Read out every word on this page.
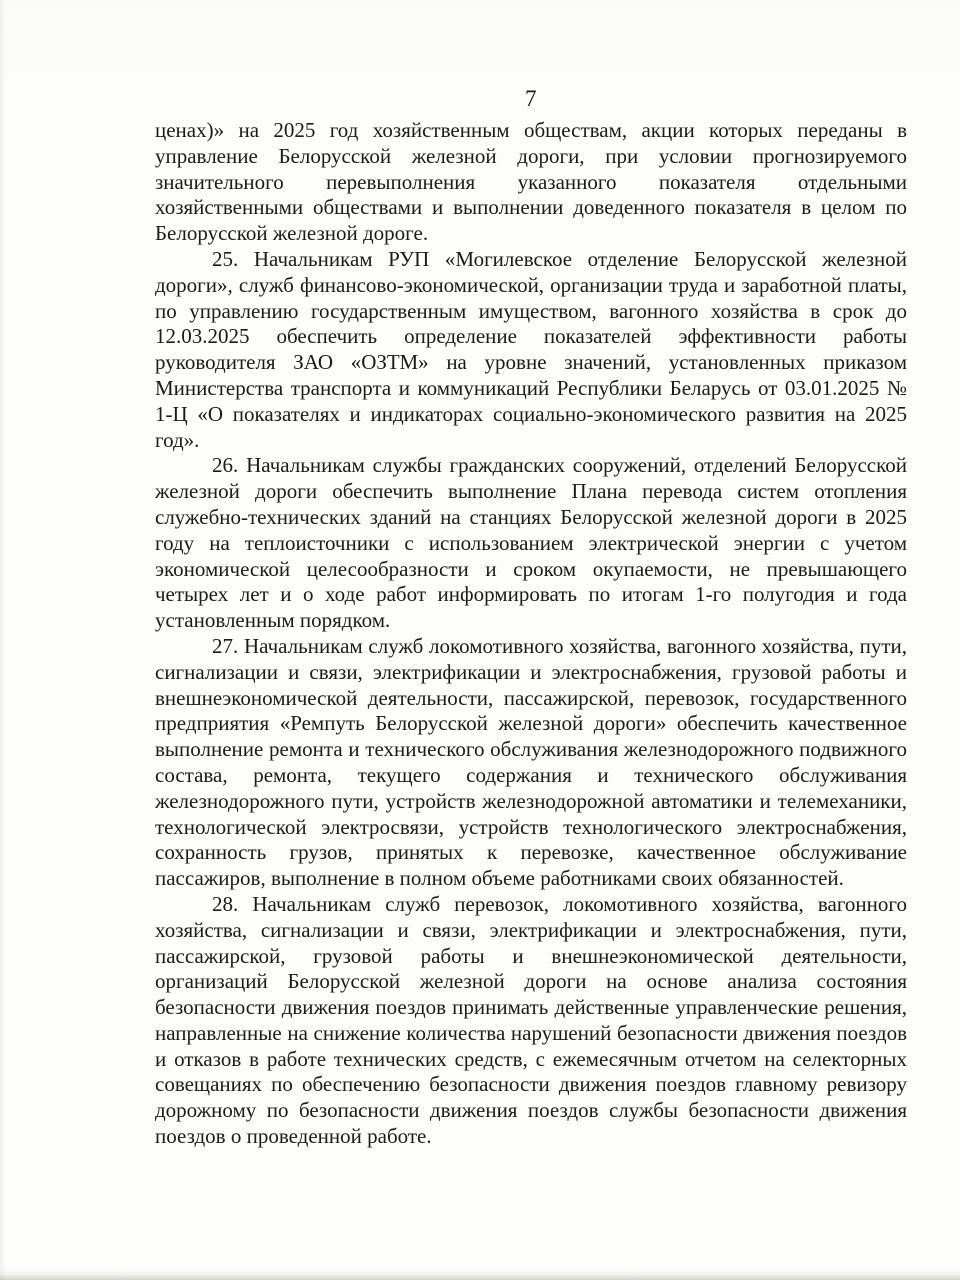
7

ценах)» на 2025 год хозяйственным обществам, акции которых переданы в управление Белорусской железной дороги, при условии прогнозируемого значительного перевыполнения указанного показателя отдельными хозяйственными обществами и выполнении доведенного показателя в целом по Белорусской железной дороге.

25. Начальникам РУП «Могилевское отделение Белорусской железной дороги», служб финансово-экономической, организации труда и заработной платы, по управлению государственным имуществом, вагонного хозяйства в срок до 12.03.2025 обеспечить определение показателей эффективности работы руководителя ЗАО «ОЗТМ» на уровне значений, установленных приказом Министерства транспорта и коммуникаций Республики Беларусь от 03.01.2025 № 1-Ц «О показателях и индикаторах социально-экономического развития на 2025 год».

26. Начальникам службы гражданских сооружений, отделений Белорусской железной дороги обеспечить выполнение Плана перевода систем отопления служебно-технических зданий на станциях Белорусской железной дороги в 2025 году на теплоисточники с использованием электрической энергии с учетом экономической целесообразности и сроком окупаемости, не превышающего четырех лет и о ходе работ информировать по итогам 1-го полугодия и года установленным порядком.

27. Начальникам служб локомотивного хозяйства, вагонного хозяйства, пути, сигнализации и связи, электрификации и электроснабжения, грузовой работы и внешнеэкономической деятельности, пассажирской, перевозок, государственного предприятия «Ремпуть Белорусской железной дороги» обеспечить качественное выполнение ремонта и технического обслуживания железнодорожного подвижного состава, ремонта, текущего содержания и технического обслуживания железнодорожного пути, устройств железнодорожной автоматики и телемеханики, технологической электросвязи, устройств технологического электроснабжения, сохранность грузов, принятых к перевозке, качественное обслуживание пассажиров, выполнение в полном объеме работниками своих обязанностей.

28. Начальникам служб перевозок, локомотивного хозяйства, вагонного хозяйства, сигнализации и связи, электрификации и электроснабжения, пути, пассажирской, грузовой работы и внешнеэкономической деятельности, организаций Белорусской железной дороги на основе анализа состояния безопасности движения поездов принимать действенные управленческие решения, направленные на снижение количества нарушений безопасности движения поездов и отказов в работе технических средств, с ежемесячным отчетом на селекторных совещаниях по обеспечению безопасности движения поездов главному ревизору дорожному по безопасности движения поездов службы безопасности движения поездов о проведенной работе.
